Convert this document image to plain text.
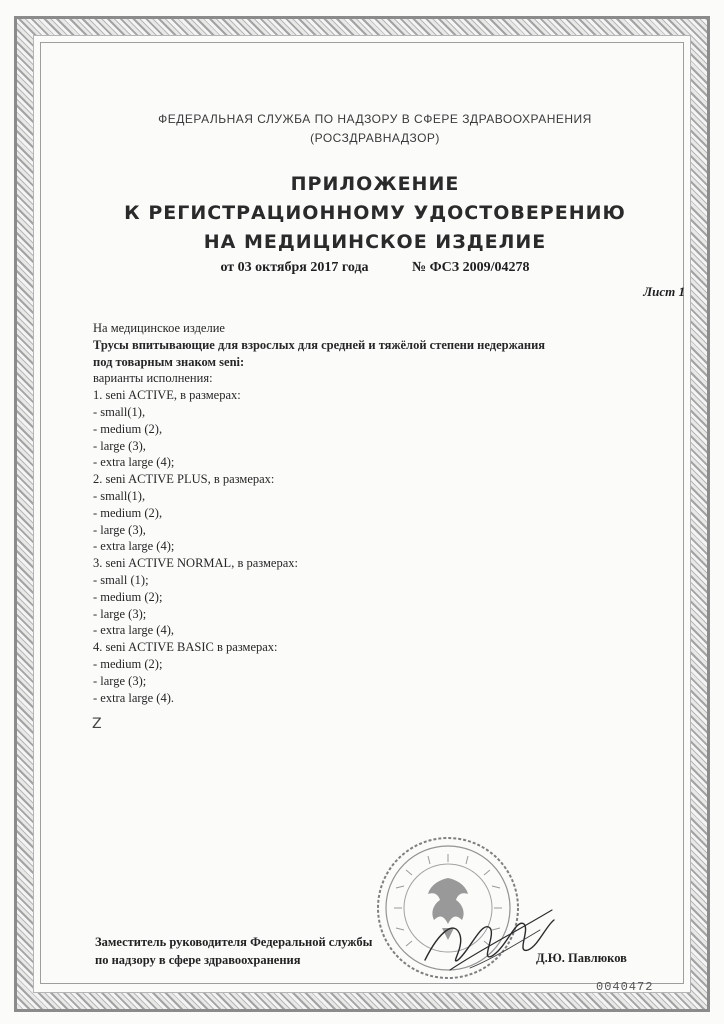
ФЕДЕРАЛЬНАЯ СЛУЖБА ПО НАДЗОРУ В СФЕРЕ ЗДРАВООХРАНЕНИЯ
(РОСЗДРАВНАДЗОР)
ПРИЛОЖЕНИЕ
К РЕГИСТРАЦИОННОМУ УДОСТОВЕРЕНИЮ
НА МЕДИЦИНСКОЕ ИЗДЕЛИЕ
от 03 октября 2017 года	№ ФСЗ 2009/04278
Лист 1
На медицинское изделие
Трусы впитывающие для взрослых для средней и тяжёлой степени недержания
под товарным знаком seni:
варианты исполнения:
1. seni ACTIVE, в размерах:
- small(1),
- medium (2),
- large (3),
- extra large (4);
2. seni ACTIVE PLUS, в размерах:
- small(1),
- medium (2),
- large (3),
- extra large (4);
3. seni ACTIVE NORMAL, в размерах:
- small (1);
- medium (2);
- large (3);
- extra large (4),
4. seni ACTIVE BASIC в размерах:
- medium (2);
- large (3);
- extra large (4).
Z
Заместитель руководителя Федеральной службы
по надзору в сфере здравоохранения	Д.Ю. Павлюков
0040472
